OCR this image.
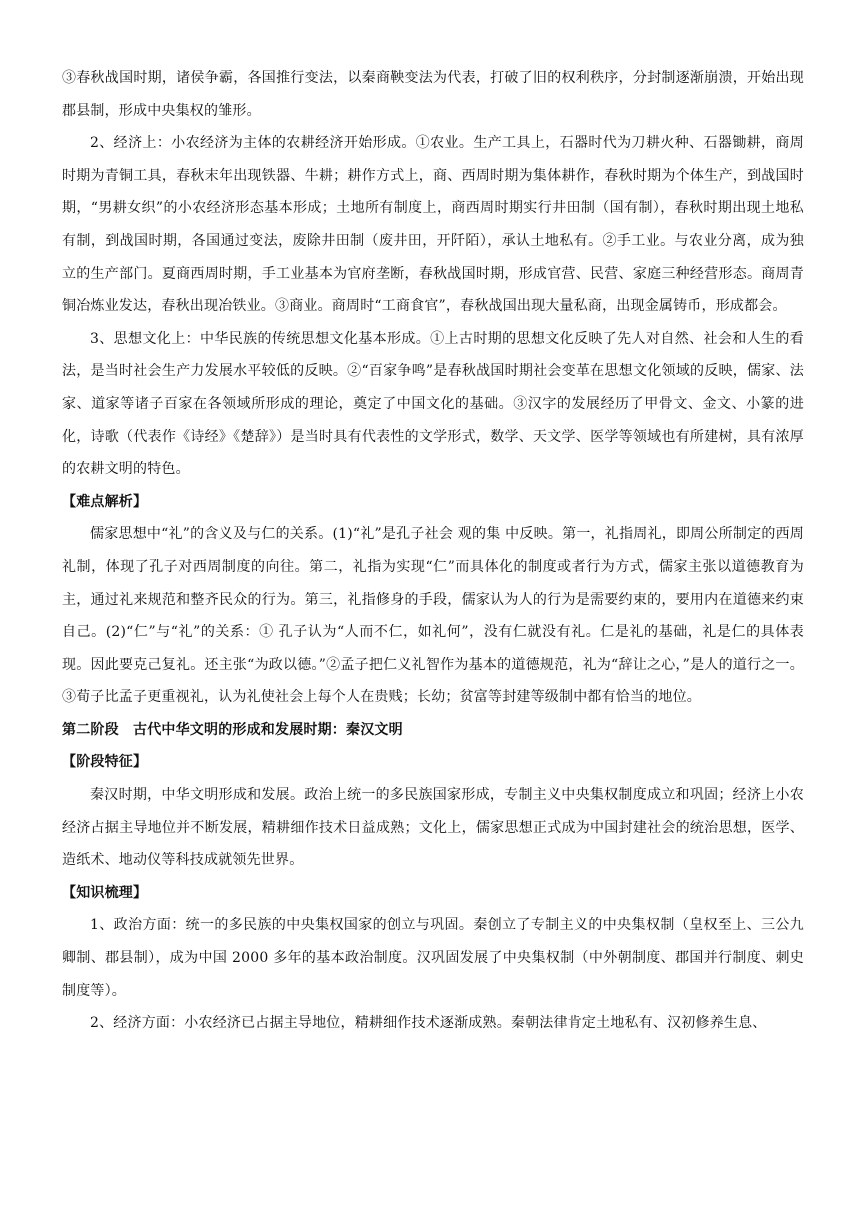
③春秋战国时期，诸侯争霸，各国推行变法，以秦商鞅变法为代表，打破了旧的权利秩序，分封制逐渐崩溃，开始出现郡县制，形成中央集权的雏形。

2、经济上：小农经济为主体的农耕经济开始形成。①农业。生产工具上，石器时代为刀耕火种、石器锄耕，商周时期为青铜工具，春秋末年出现铁器、牛耕；耕作方式上，商、西周时期为集体耕作，春秋时期为个体生产，到战国时期，“男耕女织”的小农经济形态基本形成；土地所有制度上，商西周时期实行井田制（国有制），春秋时期出现土地私有制，到战国时期，各国通过变法，废除井田制（废井田，开阡陌），承认土地私有。②手工业。与农业分离，成为独立的生产部门。夏商西周时期，手工业基本为官府垄断，春秋战国时期，形成官营、民营、家庭三种经营形态。商周青铜冶炼业发达，春秋出现冶铁业。③商业。商周时“工商食官”，春秋战国出现大量私商，出现金属铸币，形成都会。

3、思想文化上：中华民族的传统思想文化基本形成。①上古时期的思想文化反映了先人对自然、社会和人生的看法，是当时社会生产力发展水平较低的反映。②“百家争鸣”是春秋战国时期社会变革在思想文化领域的反映，儒家、法家、道家等诸子百家在各领域所形成的理论，奠定了中国文化的基础。③汉字的发展经历了甲骨文、金文、小篆的进化，诗歌（代表作《诗经》《楚辞》）是当时具有代表性的文学形式，数学、天文学、医学等领域也有所建树，具有浓厚的农耕文明的特色。

【难点解析】

儒家思想中“礼”的含义及与仁的关系。(1)“礼”是孔子社会 观的集 中反映。第一，礼指周礼，即周公所制定的西周礼制，体现了孔子对西周制度的向往。第二，礼指为实现“仁”而具体化的制度或者行为方式，儒家主张以道德教育为主，通过礼来规范和整齐民众的行为。第三，礼指修身的手段，儒家认为人的行为是需要约束的，要用内在道德来约束自己。(2)“仁”与“礼”的关系：① 孔子认为“人而不仁，如礼何”，没有仁就没有礼。仁是礼的基础，礼是仁的具体表现。因此要克己复礼。还主张“为政以德。”②孟子把仁义礼智作为基本的道德规范，礼为“辞让之心，”是人的道行之一。③荀子比孟子更重视礼，认为礼使社会上每个人在贵贱；长幼；贫富等封建等级制中都有恰当的地位。

第二阶段　古代中华文明的形成和发展时期：秦汉文明

【阶段特征】

秦汉时期，中华文明形成和发展。政治上统一的多民族国家形成，专制主义中央集权制度成立和巩固；经济上小农经济占据主导地位并不断发展，精耕细作技术日益成熟；文化上，儒家思想正式成为中国封建社会的统治思想，医学、造纸术、地动仪等科技成就领先世界。

【知识梳理】

1、政治方面：统一的多民族的中央集权国家的创立与巩固。秦创立了专制主义的中央集权制（皇权至上、三公九卿制、郡县制），成为中国 2000 多年的基本政治制度。汉巩固发展了中央集权制（中外朝制度、郡国并行制度、刺史制度等）。

2、经济方面：小农经济已占据主导地位，精耕细作技术逐渐成熟。秦朝法律肯定土地私有、汉初修养生息、
